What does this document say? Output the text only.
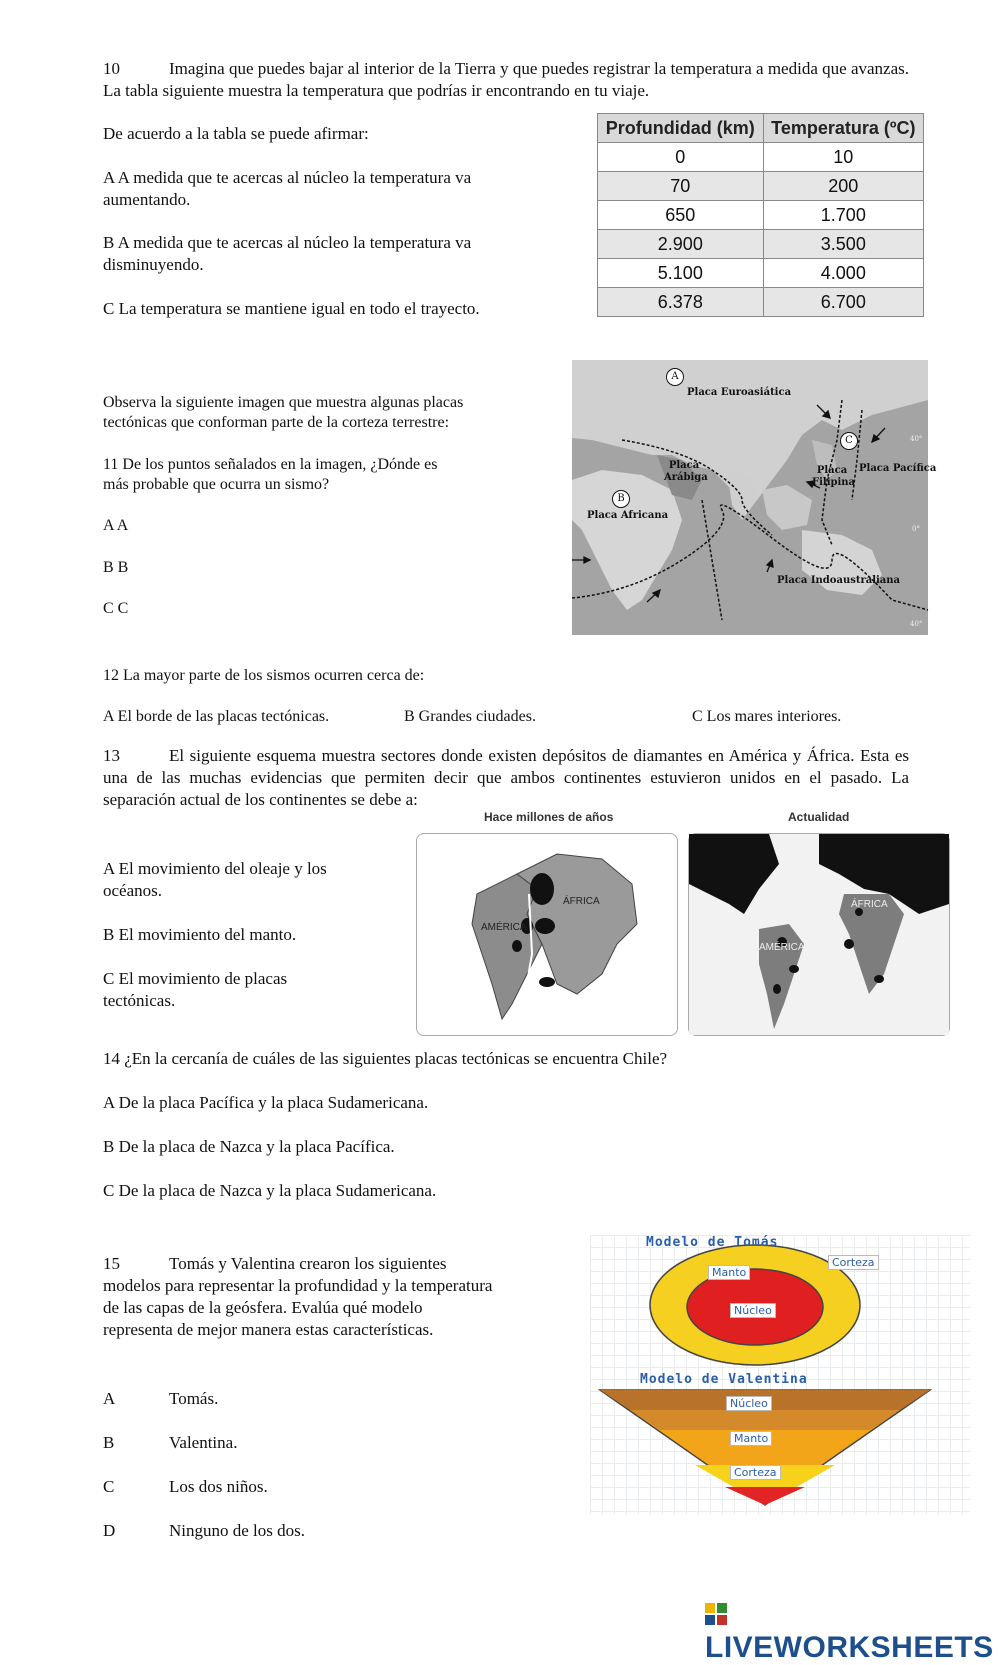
10	Imagina que puedes bajar al interior de la Tierra y que puedes registrar la temperatura a medida que avanzas. La tabla siguiente muestra la temperatura que podrías ir encontrando en tu viaje.
De acuerdo a la tabla se puede afirmar:
A A medida que te acercas al núcleo la temperatura va aumentando.
B A medida que te acercas al núcleo la temperatura va disminuyendo.
C La temperatura se mantiene igual en todo el trayecto.
Profundidad (km)	Temperatura (ºC)
0	10
70	200
650	1.700
2.900	3.500
5.100	4.000
6.378	6.700
Observa la siguiente imagen que muestra algunas placas tectónicas que conforman parte de la corteza terrestre:
11 De los puntos señalados en la imagen, ¿Dónde es más probable que ocurra un sismo?
A A
B B
C C
A
B
C
Placa Euroasiática
Placa Arábiga
Placa Africana
Placa Filipina
Placa Pacífica
Placa Indoaustraliana
40°
0°
40°
12 La mayor parte de los sismos ocurren cerca de:
A El borde de las placas tectónicas.	B Grandes ciudades.	C Los mares interiores.
13	El siguiente esquema muestra sectores donde existen depósitos de diamantes en América y África. Esta es una de las muchas evidencias que permiten decir que ambos continentes estuvieron unidos en el pasado. La separación actual de los continentes se debe a:
A El movimiento del oleaje y los océanos.
B El movimiento del manto.
C El movimiento de placas tectónicas.
Hace millones de años	Actualidad
AMÉRICA
ÁFRICA	ÁFRICA
AMÉRICA
14 ¿En la cercanía de cuáles de las siguientes placas tectónicas se encuentra Chile?
A De la placa Pacífica y la placa Sudamericana.
B De la placa de Nazca y la placa Pacífica.
C De la placa de Nazca y la placa Sudamericana.
15	Tomás y Valentina crearon los siguientes modelos para representar la profundidad y la temperatura de las capas de la geósfera. Evalúa qué modelo representa de mejor manera estas características.
A	Tomás.
B	Valentina.
C	Los dos niños.
D	Ninguno de los dos.
Modelo de Tomás
Corteza
Manto
Núcleo
Modelo de Valentina
Núcleo
Manto
Corteza
LIVEWORKSHEETS
